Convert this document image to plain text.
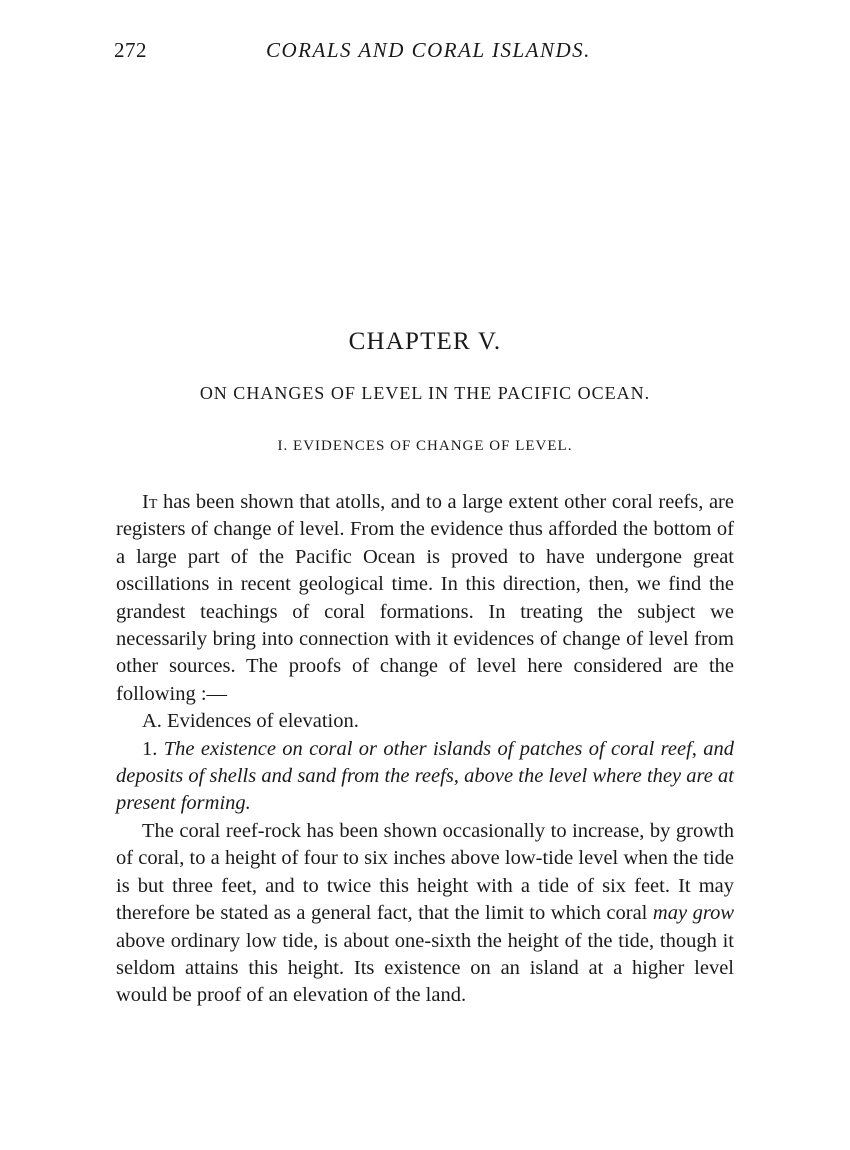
272	CORALS AND CORAL ISLANDS.
CHAPTER V.
ON CHANGES OF LEVEL IN THE PACIFIC OCEAN.
I. EVIDENCES OF CHANGE OF LEVEL.

It has been shown that atolls, and to a large extent other coral reefs, are registers of change of level. From the evidence thus afforded the bottom of a large part of the Pacific Ocean is proved to have undergone great oscillations in recent geological time. In this direction, then, we find the grandest teachings of coral formations. In treating the subject we necessarily bring into connection with it evidences of change of level from other sources. The proofs of change of level here considered are the following :—

A. Evidences of elevation.

1. The existence on coral or other islands of patches of coral reef, and deposits of shells and sand from the reefs, above the level where they are at present forming.

The coral reef-rock has been shown occasionally to increase, by growth of coral, to a height of four to six inches above low-tide level when the tide is but three feet, and to twice this height with a tide of six feet. It may therefore be stated as a general fact, that the limit to which coral may grow above ordinary low tide, is about one-sixth the height of the tide, though it seldom attains this height. Its existence on an island at a higher level would be proof of an elevation of the land.
